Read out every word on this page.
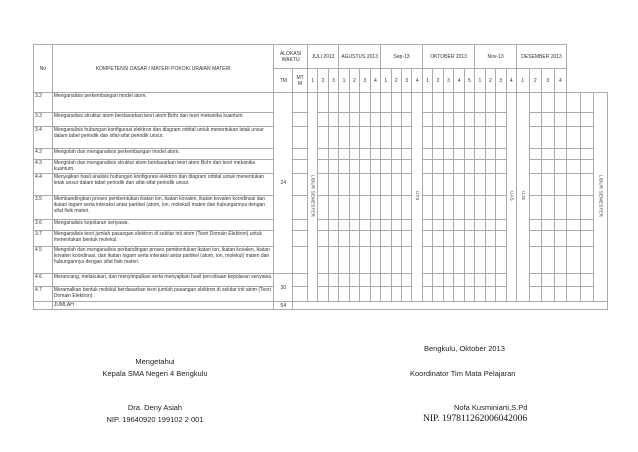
No	KOMPETENSI DASAR / MATERI POKOK/ URAIAN MATERI	ALOKASI WAKTU		JULI 2013			AGUSTUS 2013				Sep-13				OKTOBER 2013					Nov-13				DESEMBER 2013						
		TM	MT M	1	2	3	1	2	3	4	1	2	3	4	1	2	3	4	5	1	2	3	4	1	2	3	4			
3.2	Menganalisis perkembangan model atom.	24		LIBUR SEMESTER										UTS									UAS	UJS						LIBUR SEMESTER
3.3	Menganalisis struktur atom berdasarkan teori atom Bohr dan teori mekanika kuantum.																													
3.4	Menganalisis hubungan konfigurasi elektron dan diagram orbital untuk menentukan letak unsur dalam tabel periodik dan sifat-sifat periodik unsur.																													
4.2	Mengolah dan menganalisis perkembangan model atom.																													
4.3	Mengolah dan menganalisis struktur atom berdasarkan teori atom Bohr dan teori mekanika kuantum.																													
4.4	Menyajikan hasil analisis hubungan konfigurasi elektron dan diagram orbital untuk menentukan letak unsur dalam tabel periodik dan sifat-sifat periodik unsur.																													
3.5	Membandingkan proses pembentukan ikatan ion, ikatan kovalen, ikatan kovalen koordinasi dan ikatan logam serta interaksi antar partikel (atom, ion, molekul) materi dan hubungannya dengan sifat fisik materi.																													
3.6	Menganalisis kepolaran senyawa.																													
3.7	Menganalisis teori jumlah pasangan elektron di sekitar inti atom (Teori Domain Elektron) untuk menentukan bentuk molekul.																													
4.5	Mengolah dan menganalisis perbandingan proses pembentukan ikatan ion, ikatan kovalen, ikatan kovalen koordinasi, dan ikatan logam serta interaksi antar partikel (atom, ion, molekul) materi dan hubungannya dengan sifat fisik materi.																													
4.6	Merancang, melakukan, dan menyimpulkan serta menyajikan hasil percobaan kepolaran senyawa.	30																												
4.7	Meramalkan bentuk molekul berdasarkan teori jumlah pasangan elektron di sekitar inti atom (Teori Domain Elektron).																													
	JUMLAH	54																												
Bengkulu, Oktober 2013
Mengetahui
Kepala SMA Negeri 4 Bengkulu	Koordinator Tim Mata Pelajaran
Dra. Deny Asiah	Nofa Kusminiarti,S.Pd
NIP. 19640920 199102 2 001	NIP. 197811262006042006
